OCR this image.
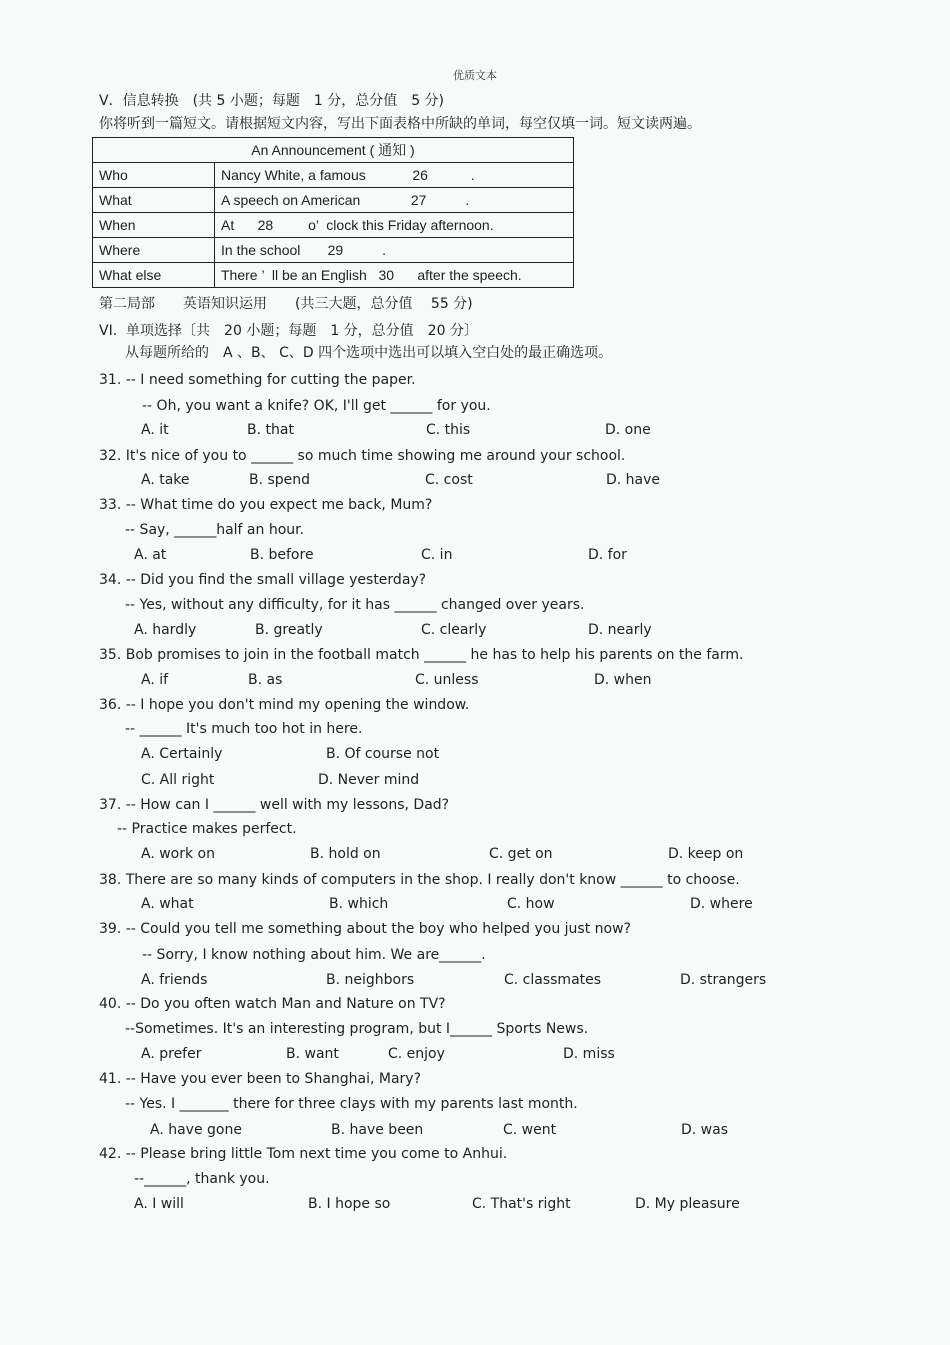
优质文本
V．信息转换　(共 5 小题；每题　1 分，总分值　5 分)
你将听到一篇短文。请根据短文内容，写出下面表格中所缺的单词，每空仅填一词。短文读两遍。
An Announcement ( 通知 )	
Who	Nancy White, a famous            26           .
What	A speech on American             27          .
When	At      28         o’  clock this Friday afternoon.
Where	In the school       29          .
What else	There ’  ll be an English   30      after the speech.
第二局部　　英语知识运用　　(共三大题，总分值　 55 分)
VI.  单项选择〔共　20 小题；每题　1 分，总分值　20 分〕
从每题所给的　A 、B、 C、D 四个选项中选出可以填入空白处的最正确选项。
31. -- I need something for cutting the paper.
-- Oh, you want a knife? OK, I'll get ______ for you.
A. it	B. that	C. this	D. one
32. It's nice of you to ______ so much time showing me around your school.
A. take	B. spend	C. cost	D. have
33. -- What time do you expect me back, Mum?
-- Say, ______half an hour.
A. at	B. before	C. in	D. for
34. -- Did you find the small village yesterday?
-- Yes, without any difficulty, for it has ______ changed over years.
A. hardly	B. greatly	C. clearly	D. nearly
35. Bob promises to join in the football match ______ he has to help his parents on the farm.
A. if	B. as	C. unless	D. when
36. -- I hope you don't mind my opening the window.
-- ______ It's much too hot in here.
A. Certainly	B. Of course not
C. All right	D. Never mind
37. -- How can I ______ well with my lessons, Dad?
-- Practice makes perfect.
A. work on	B. hold on	C. get on	D. keep on
38. There are so many kinds of computers in the shop. I really don't know ______ to choose.
A. what	B. which	C. how	D. where
39. -- Could you tell me something about the boy who helped you just now?
-- Sorry, I know nothing about him. We are______.
A. friends	B. neighbors	C. classmates	D. strangers
40. -- Do you often watch Man and Nature on TV?
--Sometimes. It's an interesting program, but I______ Sports News.
A. prefer	B. want	C. enjoy	D. miss
41. -- Have you ever been to Shanghai, Mary?
-- Yes. I _______ there for three clays with my parents last month.
A. have gone	B. have been	C. went	D. was
42. -- Please bring little Tom next time you come to Anhui.
--______, thank you.
A. I will	B. I hope so	C. That's right	D. My pleasure
